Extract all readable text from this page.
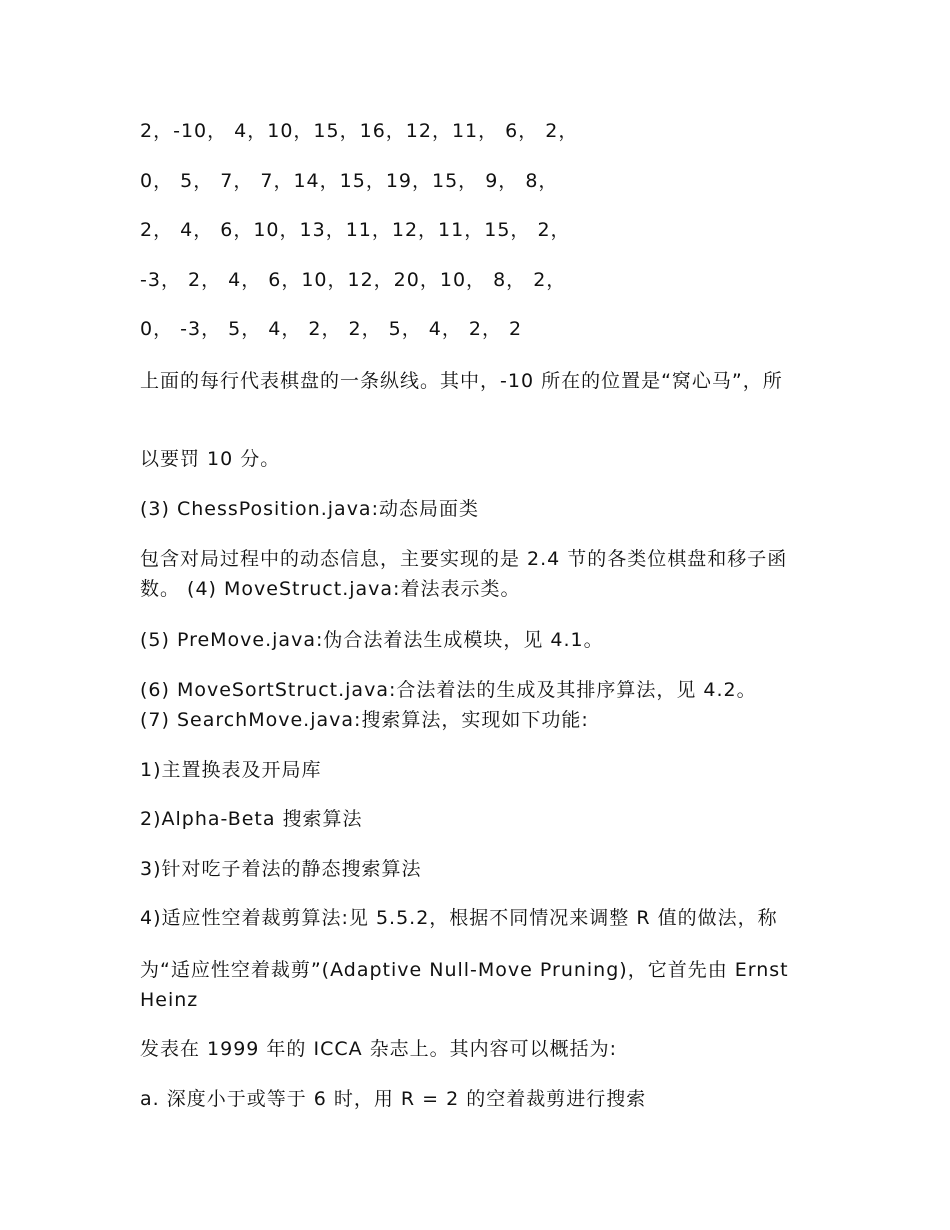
2，-10， 4，10，15，16，12，11， 6， 2，
0， 5， 7， 7，14，15，19，15， 9， 8，
2， 4， 6，10，13，11，12，11，15， 2，
-3， 2， 4， 6，10，12，20，10， 8， 2，
0， -3， 5， 4， 2， 2， 5， 4， 2， 2
上面的每行代表棋盘的一条纵线。其中，-10 所在的位置是“窝心马”，所
以要罚 10 分。
(3) ChessPosition.java:动态局面类
包含对局过程中的动态信息，主要实现的是 2.4 节的各类位棋盘和移子函数。 (4) MoveStruct.java:着法表示类。
(5) PreMove.java:伪合法着法生成模块，见 4.1。
(6) MoveSortStruct.java:合法着法的生成及其排序算法，见 4.2。
(7) SearchMove.java:搜索算法，实现如下功能:
1)主置换表及开局库
2)Alpha-Beta 搜索算法
3)针对吃子着法的静态搜索算法
4)适应性空着裁剪算法:见 5.5.2，根据不同情况来调整 R 值的做法，称
为“适应性空着裁剪”(Adaptive Null-Move Pruning)，它首先由 Ernst Heinz
发表在 1999 年的 ICCA 杂志上。其内容可以概括为:
a. 深度小于或等于 6 时，用 R = 2 的空着裁剪进行搜索
